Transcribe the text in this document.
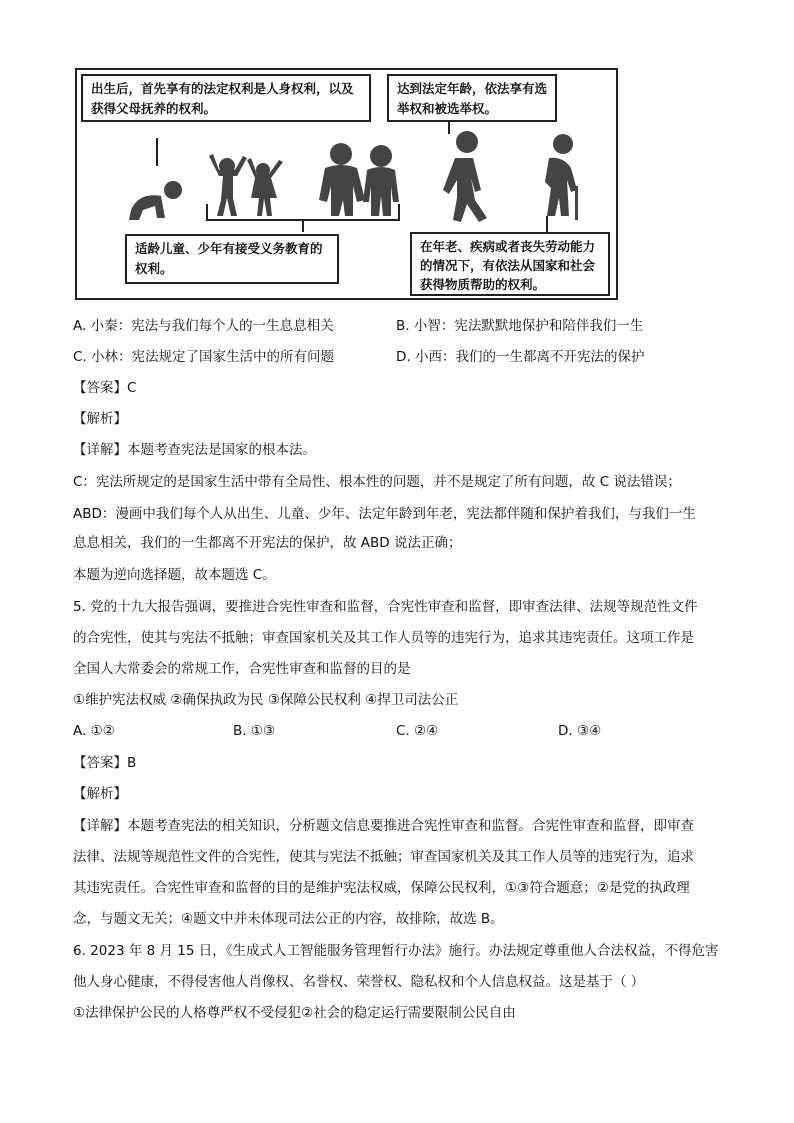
出生后，首先享有的法定权利是人身权利，以及获得父母抚养的权利。
达到法定年龄，依法享有选举权和被选举权。
适龄儿童、少年有接受义务教育的权利。
在年老、疾病或者丧失劳动能力的情况下，有依法从国家和社会获得物质帮助的权利。
A. 小秦：宪法与我们每个人的一生息息相关	B. 小智：宪法默默地保护和陪伴我们一生
C. 小林：宪法规定了国家生活中的所有问题	D. 小西：我们的一生都离不开宪法的保护
【答案】C
【解析】
【详解】本题考查宪法是国家的根本法。
C：宪法所规定的是国家生活中带有全局性、根本性的问题，并不是规定了所有问题，故 C 说法错误；
ABD：漫画中我们每个人从出生、儿童、少年、法定年龄到年老，宪法都伴随和保护着我们，与我们一生
息息相关，我们的一生都离不开宪法的保护，故 ABD 说法正确；
本题为逆向选择题，故本题选 C。
5. 党的十九大报告强调，要推进合宪性审查和监督，合宪性审查和监督，即审查法律、法规等规范性文件
的合宪性，使其与宪法不抵触；审查国家机关及其工作人员等的违宪行为，追求其违宪责任。这项工作是
全国人大常委会的常规工作，合宪性审查和监督的目的是
①维护宪法权威 ②确保执政为民 ③保障公民权利 ④捍卫司法公正
A. ①②	B. ①③	C. ②④	D. ③④
【答案】B
【解析】
【详解】本题考查宪法的相关知识，分析题文信息要推进合宪性审查和监督。合宪性审查和监督，即审查
法律、法规等规范性文件的合宪性，使其与宪法不抵触；审查国家机关及其工作人员等的违宪行为，追求
其违宪责任。合宪性审查和监督的目的是维护宪法权威，保障公民权利，①③符合题意；②是党的执政理
念，与题文无关；④题文中并未体现司法公正的内容，故排除，故选 B。
6. 2023 年 8 月 15 日，《生成式人工智能服务管理暂行办法》施行。办法规定尊重他人合法权益，不得危害
他人身心健康，不得侵害他人肖像权、名誉权、荣誉权、隐私权和个人信息权益。这是基于（ ）
①法律保护公民的人格尊严权不受侵犯②社会的稳定运行需要限制公民自由
